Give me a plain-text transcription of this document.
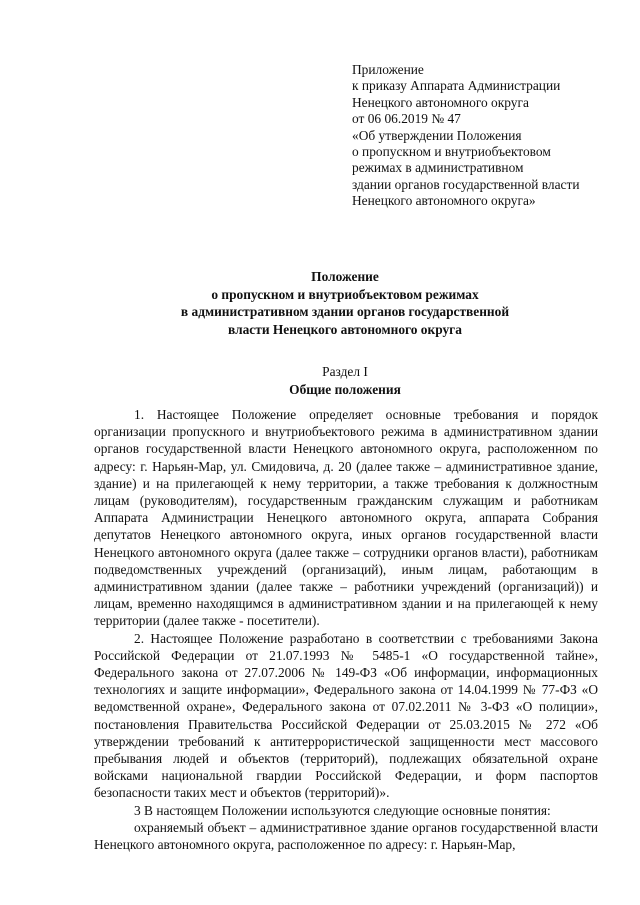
Приложение
к приказу Аппарата Администрации
Ненецкого автономного округа
от 06 06.2019 № 47
«Об утверждении Положения
о пропускном и внутриобъектовом
режимах в административном
здании органов государственной власти
Ненецкого автономного округа»
Положение
о пропускном и внутриобъектовом режимах
в административном здании органов государственной
власти Ненецкого автономного округа
Раздел I
Общие положения

1. Настоящее Положение определяет основные требования и порядок организации пропускного и внутриобъектового режима в административном здании органов государственной власти Ненецкого автономного округа, расположенном по адресу: г. Нарьян-Мар, ул. Смидовича, д. 20 (далее также – административное здание, здание) и на прилегающей к нему территории, а также требования к должностным лицам (руководителям), государственным гражданским служащим и работникам Аппарата Администрации Ненецкого автономного округа, аппарата Собрания депутатов Ненецкого автономного округа, иных органов государственной власти Ненецкого автономного округа (далее также – сотрудники органов власти), работникам подведомственных учреждений (организаций), иным лицам, работающим в административном здании (далее также – работники учреждений (организаций)) и лицам, временно находящимся в административном здании и на прилегающей к нему территории (далее также - посетители).

2. Настоящее Положение разработано в соответствии с требованиями Закона Российской Федерации от 21.07.1993 № 5485-1 «О государственной тайне», Федерального закона от 27.07.2006 № 149-ФЗ «Об информации, информационных технологиях и защите информации», Федерального закона от 14.04.1999 № 77-ФЗ «О ведомственной охране», Федерального закона от 07.02.2011 № 3-ФЗ «О полиции», постановления Правительства Российской Федерации от 25.03.2015 № 272 «Об утверждении требований к антитеррористической защищенности мест массового пребывания людей и объектов (территорий), подлежащих обязательной охране войсками национальной гвардии Российской Федерации, и форм паспортов безопасности таких мест и объектов (территорий)».

3 В настоящем Положении используются следующие основные понятия:

охраняемый объект – административное здание органов государственной власти Ненецкого автономного округа, расположенное по адресу: г. Нарьян-Мар,
